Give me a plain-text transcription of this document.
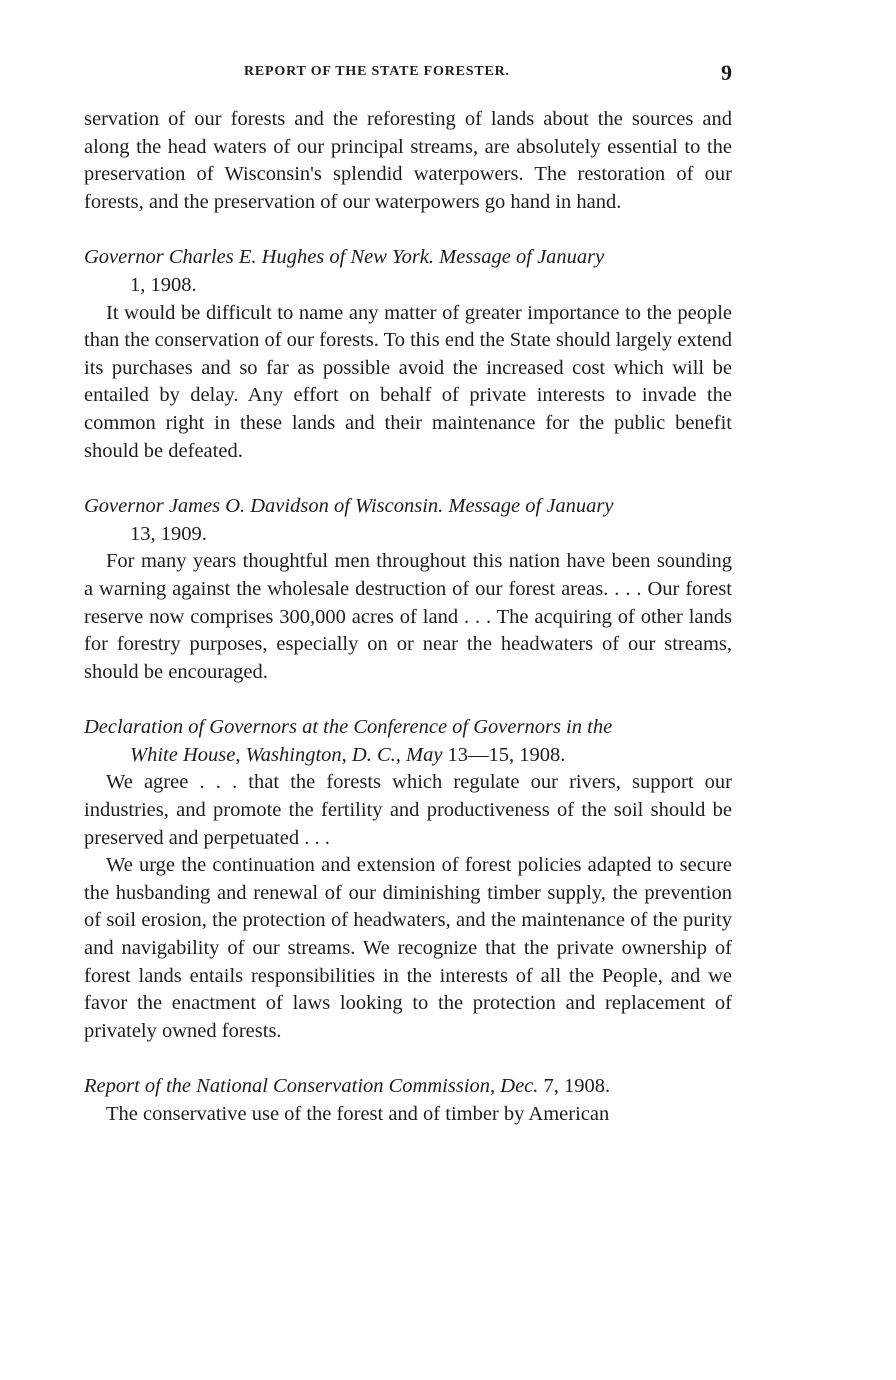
REPORT OF THE STATE FORESTER.	9

servation of our forests and the reforesting of lands about the sources and along the head waters of our principal streams, are absolutely essential to the preservation of Wisconsin's splendid waterpowers. The restoration of our forests, and the preservation of our waterpowers go hand in hand.

Governor Charles E. Hughes of New York. Message of January
1, 1908.

It would be difficult to name any matter of greater importance to the people than the conservation of our forests. To this end the State should largely extend its purchases and so far as possible avoid the increased cost which will be entailed by delay. Any effort on behalf of private interests to invade the common right in these lands and their maintenance for the public benefit should be defeated.

Governor James O. Davidson of Wisconsin. Message of January
13, 1909.

For many years thoughtful men throughout this nation have been sounding a warning against the wholesale destruction of our forest areas. . . . Our forest reserve now comprises 300,000 acres of land . . . The acquiring of other lands for forestry purposes, especially on or near the headwaters of our streams, should be encouraged.

Declaration of Governors at the Conference of Governors in the
White House, Washington, D. C., May 13—15, 1908.

We agree . . . that the forests which regulate our rivers, support our industries, and promote the fertility and productiveness of the soil should be preserved and perpetuated . . .

We urge the continuation and extension of forest policies adapted to secure the husbanding and renewal of our diminishing timber supply, the prevention of soil erosion, the protection of headwaters, and the maintenance of the purity and navigability of our streams. We recognize that the private ownership of forest lands entails responsibilities in the interests of all the People, and we favor the enactment of laws looking to the protection and replacement of privately owned forests.

Report of the National Conservation Commission, Dec. 7, 1908.

The conservative use of the forest and of timber by American
